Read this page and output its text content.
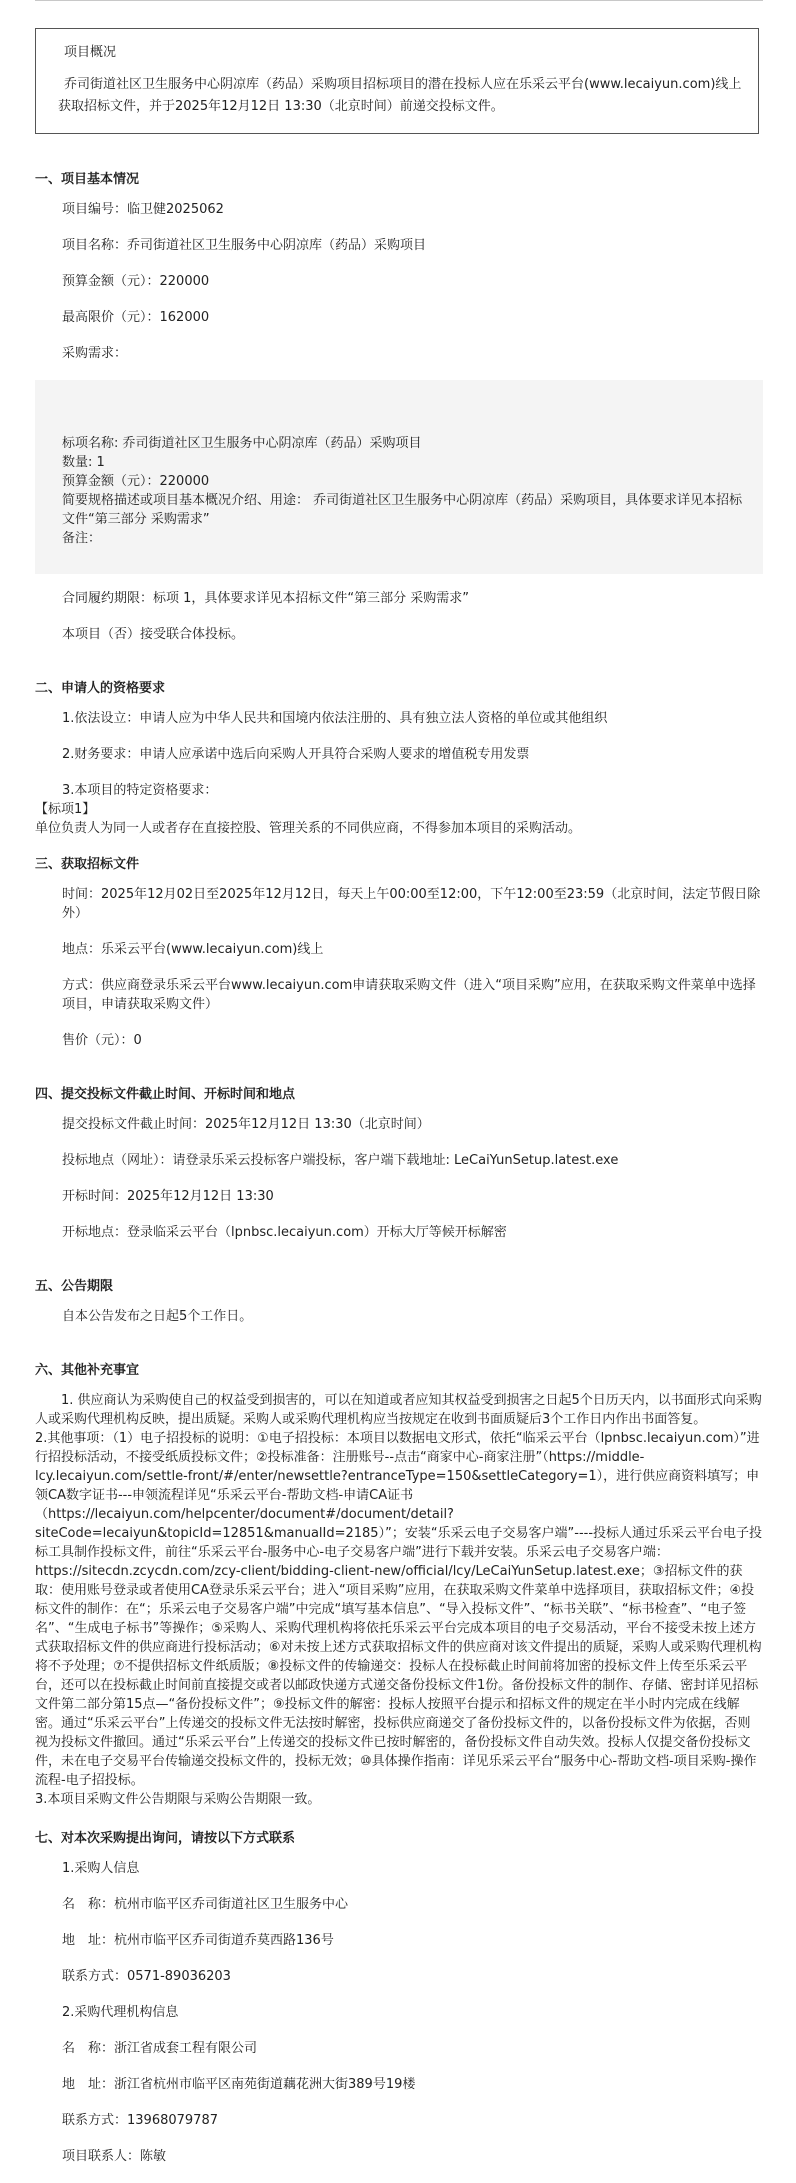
项目概况
乔司街道社区卫生服务中心阴凉库（药品）采购项目招标项目的潜在投标人应在乐采云平台(www.lecaiyun.com)线上获取招标文件，并于2025年12月12日 13:30（北京时间）前递交投标文件。
一、项目基本情况
项目编号：临卫健2025062
项目名称：乔司街道社区卫生服务中心阴凉库（药品）采购项目
预算金额（元）：220000
最高限价（元）：162000
采购需求：
标项名称: 乔司街道社区卫生服务中心阴凉库（药品）采购项目
数量: 1
预算金额（元）：220000
简要规格描述或项目基本概况介绍、用途： 乔司街道社区卫生服务中心阴凉库（药品）采购项目，具体要求详见本招标文件“第三部分 采购需求”
备注：
合同履约期限：标项 1，具体要求详见本招标文件“第三部分 采购需求”
本项目（否）接受联合体投标。
二、申请人的资格要求
1.依法设立：申请人应为中华人民共和国境内依法注册的、具有独立法人资格的单位或其他组织
2.财务要求：申请人应承诺中选后向采购人开具符合采购人要求的增值税专用发票
3.本项目的特定资格要求：
【标项1】
单位负责人为同一人或者存在直接控股、管理关系的不同供应商，不得参加本项目的采购活动。
三、获取招标文件
时间：2025年12月02日至2025年12月12日，每天上午00:00至12:00，下午12:00至23:59（北京时间，法定节假日除外）
地点：乐采云平台(www.lecaiyun.com)线上
方式：供应商登录乐采云平台www.lecaiyun.com申请获取采购文件（进入“项目采购”应用，在获取采购文件菜单中选择项目，申请获取采购文件）
售价（元）：0
四、提交投标文件截止时间、开标时间和地点
提交投标文件截止时间：2025年12月12日 13:30（北京时间）
投标地点（网址）：请登录乐采云投标客户端投标，客户端下载地址: LeCaiYunSetup.latest.exe
开标时间：2025年12月12日 13:30
开标地点：登录临采云平台（lpnbsc.lecaiyun.com）开标大厅等候开标解密
五、公告期限
自本公告发布之日起5个工作日。
六、其他补充事宜
1. 供应商认为采购使自己的权益受到损害的，可以在知道或者应知其权益受到损害之日起5个日历天内，以书面形式向采购人或采购代理机构反映，提出质疑。采购人或采购代理机构应当按规定在收到书面质疑后3个工作日内作出书面答复。
2.其他事项：（1）电子招投标的说明：①电子招投标：本项目以数据电文形式，依托“临采云平台（lpnbsc.lecaiyun.com）”进行招投标活动，不接受纸质投标文件；②投标准备：注册账号--点击“商家中心-商家注册”（https://middle-lcy.lecaiyun.com/settle-front/#/enter/newsettle?entranceType=150&settleCategory=1），进行供应商资料填写；申领CA数字证书---申领流程详见“乐采云平台-帮助文档-申请CA证书（https://lecaiyun.com/helpcenter/document#/document/detail?siteCode=lecaiyun&topicId=12851&manualId=2185）”；安装“乐采云电子交易客户端”----投标人通过乐采云平台电子投标工具制作投标文件，前往“乐采云平台-服务中心-电子交易客户端”进行下载并安装。乐采云电子交易客户端：https://sitecdn.zcycdn.com/zcy-client/bidding-client-new/official/lcy/LeCaiYunSetup.latest.exe；③招标文件的获取：使用账号登录或者使用CA登录乐采云平台；进入“项目采购”应用，在获取采购文件菜单中选择项目，获取招标文件；④投标文件的制作：在“；乐采云电子交易客户端”中完成“填写基本信息”、“导入投标文件”、“标书关联”、“标书检查”、“电子签名”、“生成电子标书”等操作；⑤采购人、采购代理机构将依托乐采云平台完成本项目的电子交易活动，平台不接受未按上述方式获取招标文件的供应商进行投标活动；⑥对未按上述方式获取招标文件的供应商对该文件提出的质疑，采购人或采购代理机构将不予处理；⑦不提供招标文件纸质版；⑧投标文件的传输递交：投标人在投标截止时间前将加密的投标文件上传至乐采云平台，还可以在投标截止时间前直接提交或者以邮政快递方式递交备份投标文件1份。备份投标文件的制作、存储、密封详见招标文件第二部分第15点—“备份投标文件”；⑨投标文件的解密：投标人按照平台提示和招标文件的规定在半小时内完成在线解密。通过“乐采云平台”上传递交的投标文件无法按时解密，投标供应商递交了备份投标文件的，以备份投标文件为依据，否则视为投标文件撤回。通过“乐采云平台”上传递交的投标文件已按时解密的，备份投标文件自动失效。投标人仅提交备份投标文件，未在电子交易平台传输递交投标文件的，投标无效；⑩具体操作指南：详见乐采云平台“服务中心-帮助文档-项目采购-操作流程-电子招投标。
3.本项目采购文件公告期限与采购公告期限一致。
七、对本次采购提出询问，请按以下方式联系
1.采购人信息
名　称：杭州市临平区乔司街道社区卫生服务中心
地　址：杭州市临平区乔司街道乔莫西路136号
联系方式：0571-89036203
2.采购代理机构信息
名　称：浙江省成套工程有限公司
地　址：浙江省杭州市临平区南苑街道藕花洲大街389号19楼
联系方式：13968079787
项目联系人：陈敏
